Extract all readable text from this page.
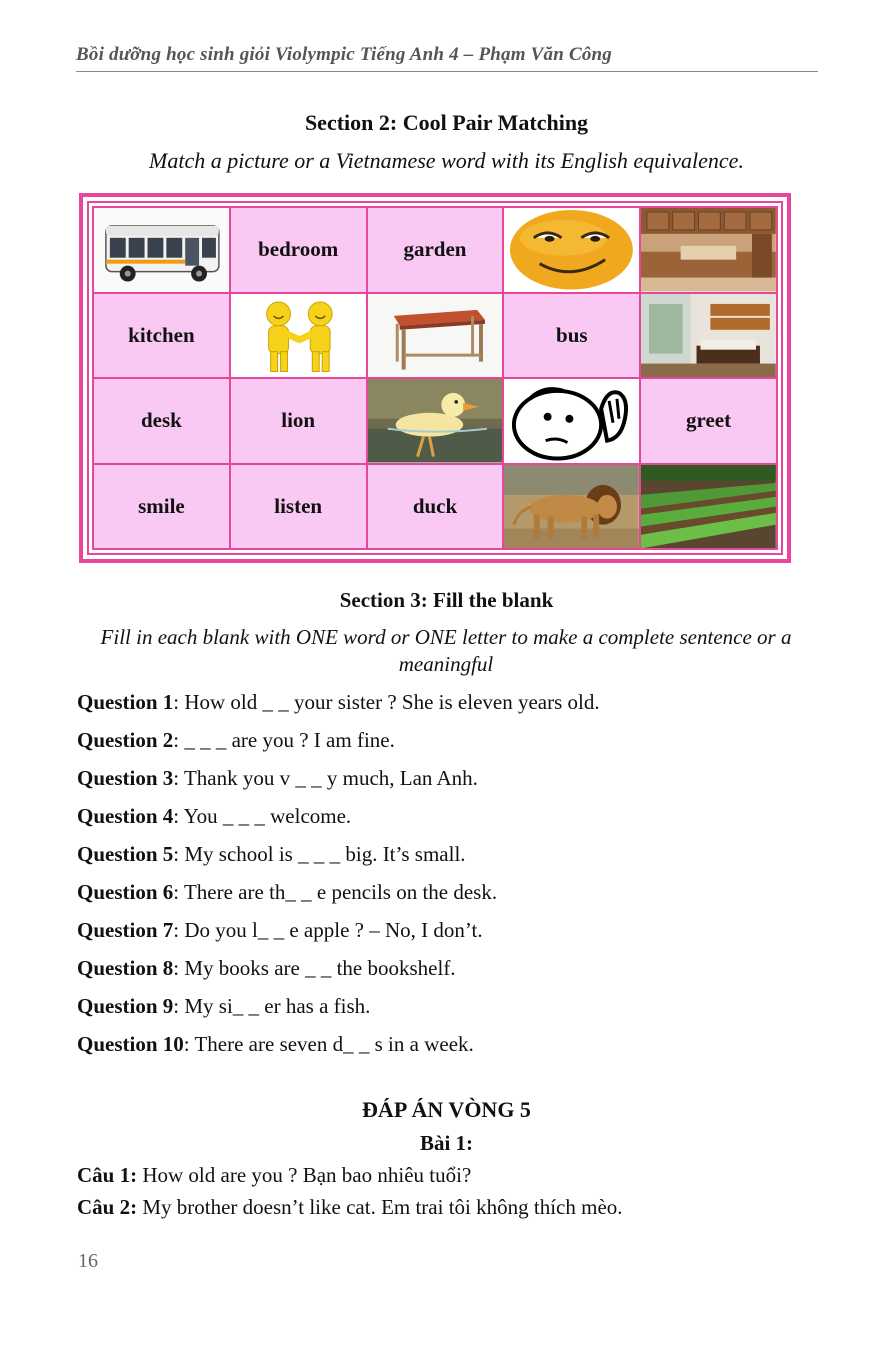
Bồi dưỡng học sinh giỏi Violympic Tiếng Anh 4 – Phạm Văn Công
Section 2: Cool Pair Matching
Match a picture or a Vietnamese word with its English equivalence.
bedroom	garden
kitchen	bus
desk	lion	greet
smile	listen	duck
Section 3: Fill the blank
Fill in each blank with ONE word or ONE letter to make a complete sentence or a meaningful
Question 1: How old _ _ your sister ? She is eleven years old.
Question 2: _ _ _ are you ? I am fine.
Question 3: Thank you v _ _ y much, Lan Anh.
Question 4: You _ _ _ welcome.
Question 5: My school is _ _ _ big. It’s small.
Question 6: There are th_ _ e pencils on the desk.
Question 7: Do you l_ _ e apple ? – No, I don’t.
Question 8: My books are _ _ the bookshelf.
Question 9: My si_ _ er has a fish.
Question 10: There are seven d_ _ s in a week.
ĐÁP ÁN VÒNG 5
Bài 1:
Câu 1: How old are you ? Bạn bao nhiêu tuổi?
Câu 2: My brother doesn’t like cat. Em trai tôi không thích mèo.
16
